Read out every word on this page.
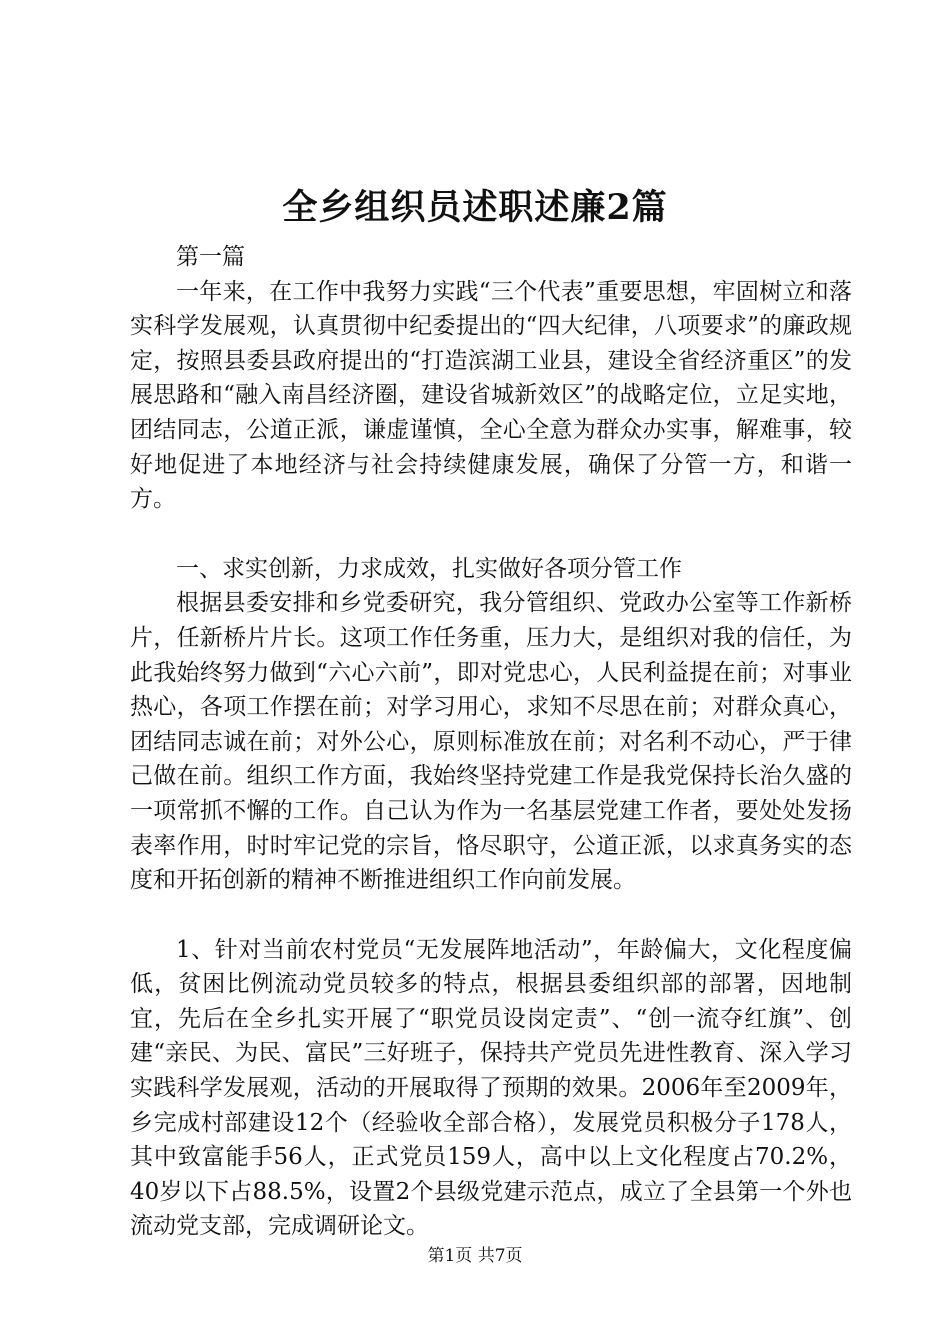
全乡组织员述职述廉2篇

第一篇

一年来，在工作中我努力实践“三个代表”重要思想，牢固树立和落实科学发展观，认真贯彻中纪委提出的“四大纪律，八项要求”的廉政规定，按照县委县政府提出的“打造滨湖工业县，建设全省经济重区”的发展思路和“融入南昌经济圈，建设省城新效区”的战略定位，立足实地，团结同志，公道正派，谦虚谨慎，全心全意为群众办实事，解难事，较好地促进了本地经济与社会持续健康发展，确保了分管一方，和谐一方。

一、求实创新，力求成效，扎实做好各项分管工作

根据县委安排和乡党委研究，我分管组织、党政办公室等工作新桥片，任新桥片片长。这项工作任务重，压力大，是组织对我的信任，为此我始终努力做到“六心六前”，即对党忠心，人民利益提在前；对事业热心，各项工作摆在前；对学习用心，求知不尽思在前；对群众真心，团结同志诚在前；对外公心，原则标准放在前；对名利不动心，严于律己做在前。组织工作方面，我始终坚持党建工作是我党保持长治久盛的一项常抓不懈的工作。自己认为作为一名基层党建工作者，要处处发扬表率作用，时时牢记党的宗旨，恪尽职守，公道正派，以求真务实的态度和开拓创新的精神不断推进组织工作向前发展。

1、针对当前农村党员“无发展阵地活动”，年龄偏大，文化程度偏低，贫困比例流动党员较多的特点，根据县委组织部的部署，因地制宜，先后在全乡扎实开展了“职党员设岗定责”、“创一流夺红旗”、创建“亲民、为民、富民”三好班子，保持共产党员先进性教育、深入学习实践科学发展观，活动的开展取得了预期的效果。2006年至2009年，乡完成村部建设12个（经验收全部合格），发展党员积极分子178人，其中致富能手56人，正式党员159人，高中以上文化程度占70.2%，40岁以下占88.5%，设置2个县级党建示范点，成立了全县第一个外也流动党支部，完成调研论文。

第1页 共7页
